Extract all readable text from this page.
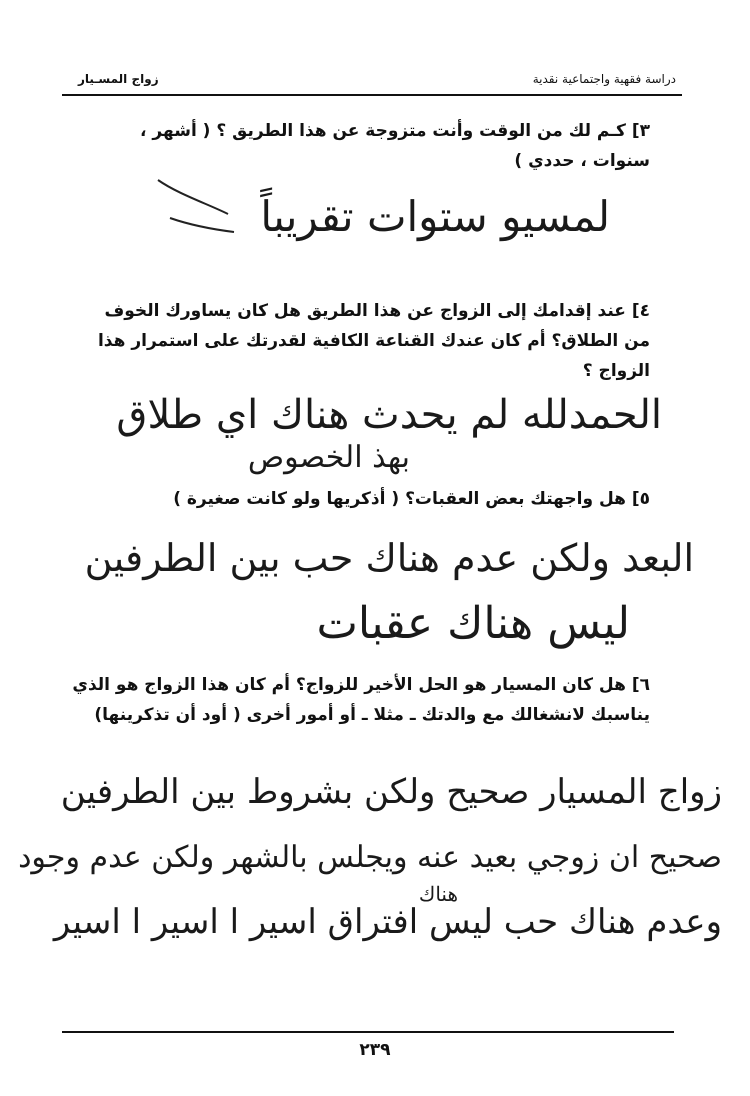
زواج المسـيار	دراسة فقهية واجتماعية نقدية
٣] كـم لك من الوقت وأنت متزوجة عن هذا الطريق ؟ ( أشهر ، سنوات ، حددي )
لمسيو ستوات تقريباً
٤] عند إقدامك إلى الزواج عن هذا الطريق هل كان يساورك الخوف من الطلاق؟ أم كان عندك القناعة الكافية لقدرتك على استمرار هذا الزواج ؟
الحمدلله لم يحدث هناك اي طلاق
بهذ الخصوص
٥] هل واجهتك بعض العقبات؟ ( أذكريها ولو كانت صغيرة )
البعد ولكن عدم هناك حب بين الطرفين
ليس هناك عقبات
٦] هل كان المسيار هو الحل الأخير للزواج؟ أم كان هذا الزواج هو الذي يناسبك لانشغالك مع والدتك ـ مثلا ـ أو أمور أخرى ( أود أن تذكرينها)
زواج المسيار صحيح ولكن بشروط بين الطرفين
صحيح ان زوجي بعيد عنه ويجلس بالشهر ولكن عدم وجود
هناك
وعدم هناك حب ليس افتراق اسير ا اسير ا اسير
٢٣٩
